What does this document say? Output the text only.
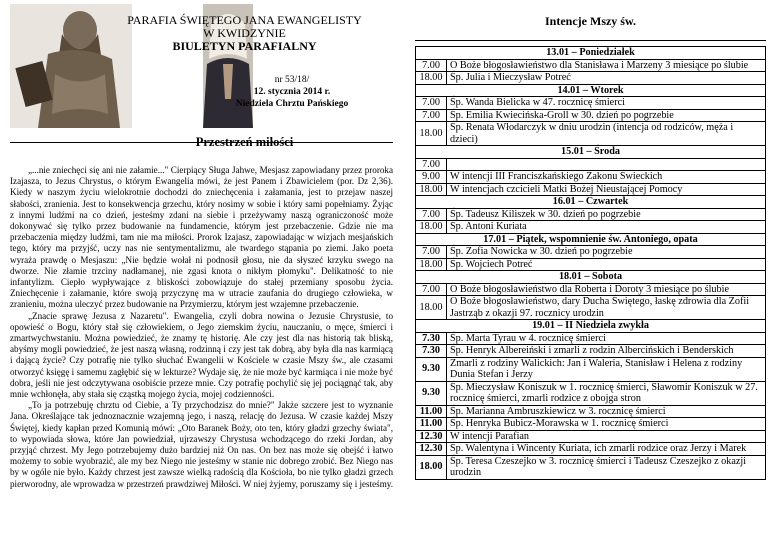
PARAFIA ŚWIĘTEGO JANA EWANGELISTY
W KWIDZYNIE
BIULETYN PARAFIALNY
nr 53/18/
12. stycznia 2014 r.
Niedziela Chrztu Pańskiego
Przestrzeń miłości

„...nie zniechęci się ani nie załamie..." Cierpiący Sługa Jahwe, Mesjasz zapowiadany przez proroka Izajasza, to Jezus Chrystus, o którym Ewangelia mówi, że jest Panem i Zbawicielem (por. Dz 2,36). Kiedy w naszym życiu wielokrotnie dochodzi do zniechęcenia i załamania, jest to przejaw naszej słabości, zranienia. Jest to konsekwencja grzechu, który nosimy w sobie i który sami popełniamy. Żyjąc z innymi ludźmi na co dzień, jesteśmy zdani na siebie i przeżywamy naszą ograniczoność może dokonywać się tylko przez budowanie na fundamencie, którym jest przebaczenie. Gdzie nie ma przebaczenia między ludźmi, tam nie ma miłości. Prorok Izajasz, zapowiadając w wizjach mesjańskich tego, który ma przyjść, uczy nas nie sentymentalizmu, ale twardego stąpania po ziemi. Jako poeta wyraża prawdę o Mesjaszu: „Nie będzie wołał ni podnosił głosu, nie da słyszeć krzyku swego na dworze. Nie złamie trzciny nadłamanej, nie zgasi knota o nikłym płomyku". Delikatność to nie infantylizm. Ciepło wypływające z bliskości zobowiązuje do stałej przemiany sposobu życia. Zniechęcenie i załamanie, które swoją przyczynę ma w utracie zaufania do drugiego człowieka, w zranieniu, można uleczyć przez budowanie na Przymierzu, którym jest wzajemne przebaczenie.

„Znacie sprawę Jezusa z Nazaretu". Ewangelia, czyli dobra nowina o Jezusie Chrystusie, to opowieść o Bogu, który stał się człowiekiem, o Jego ziemskim życiu, nauczaniu, o męce, śmierci i zmartwychwstaniu. Można powiedzieć, że znamy tę historię. Ale czy jest dla nas historią tak bliską, abyśmy mogli powiedzieć, że jest naszą własną, rodzinną i czy jest tak dobrą, aby była dla nas karmiącą i dającą życie? Czy potrafię nie tylko słuchać Ewangelii w Kościele w czasie Mszy św., ale czasami otworzyć księgę i samemu zagłębić się w lekturze? Wydaje się, że nie może być karmiąca i nie może być dobra, jeśli nie jest odczytywana osobiście przeze mnie. Czy potrafię pochylić się jej pociągnąć tak, aby mnie wchłonęła, aby stała się cząstką mojego życia, mojej codzienności.

„To ja potrzebuję chrztu od Ciebie, a Ty przychodzisz do mnie?" Jakże szczere jest to wyznanie Jana. Określające tak jednoznacznie wzajemną jego, i naszą, relację do Jezusa. W czasie każdej Mszy Świętej, kiedy kapłan przed Komunią mówi: „Oto Baranek Boży, oto ten, który gładzi grzechy świata", to wypowiada słowa, które Jan powiedział, ujrzawszy Chrystusa wchodzącego do rzeki Jordan, aby przyjąć chrzest. My Jego potrzebujemy dużo bardziej niż On nas. On bez nas może się obejść i łatwo możemy to sobie wyobrazić, ale my bez Niego nie jesteśmy w stanie nic dobrego zrobić. Bez Niego nas by w ogóle nie było. Każdy chrzest jest zawsze wielką radością dla Kościoła, bo nie tylko gładzi grzech pierworodny, ale wprowadza w przestrzeń prawdziwej Miłości. W niej żyjemy, poruszamy się i jesteśmy.

Intencje Mszy św.
13.01 – Poniedziałek	
7.00	O Boże błogosławieństwo dla Stanisława i Marzeny 3 miesiące po ślubie
18.00	Śp. Julia i Mieczysław Potreć
14.01 – Wtorek	
7.00	Śp. Wanda Bielicka w 47. rocznicę śmierci
7.00	Śp. Emilia Kwiecińska-Groll w 30. dzień po pogrzebie
18.00	Śp. Renata Włodarczyk w dniu urodzin (intencja od rodziców, męża i dzieci)
15.01 – Środa	
7.00	
9.00	W intencji III Franciszkańskiego Zakonu Świeckich
18.00	W intencjach czcicieli Matki Bożej Nieustającej Pomocy
16.01 – Czwartek	
7.00	Śp. Tadeusz Kiliszek w 30. dzień po pogrzebie
18.00	Śp. Antoni Kuriata
17.01 – Piątek, wspomnienie św. Antoniego, opata	
7.00	Śp. Zofia Nowicka w 30. dzień po pogrzebie
18.00	Śp. Wojciech Potreć
18.01 – Sobota	
7.00	O Boże błogosławieństwo dla Roberta i Doroty 3 miesiące po ślubie
18.00	O Boże błogosławieństwo, dary Ducha Świętego, łaskę zdrowia dla Zofii Jastrząb z okazji 97. rocznicy urodzin
19.01 – II Niedziela zwykła	
7.30	Śp. Marta Tyrau w 4. rocznicę śmierci
7.30	Śp. Henryk Albereiński i zmarli z rodzin Albercińskich i Benderskich
9.30	Zmarli z rodziny Walickich: Jan i Waleria, Stanisław i Helena z rodziny Dunia Stefan i Jerzy
9.30	Śp. Mieczysław Koniszuk w 1. rocznicę śmierci, Sławomir Koniszuk w 27. rocznicę śmierci, zmarli rodzice z obojga stron
11.00	Śp. Marianna Ambruszkiewicz w 3. rocznicę śmierci
11.00	Śp. Henryka Bubicz-Morawska w 1. rocznicę śmierci
12.30	W intencji Parafian
12.30	Śp. Walentyna i Wincenty Kuriata, ich zmarli rodzice oraz Jerzy i Marek
18.00	Śp. Teresa Czeszejko w 3. rocznicę śmierci i Tadeusz Czeszejko z okazji urodzin
